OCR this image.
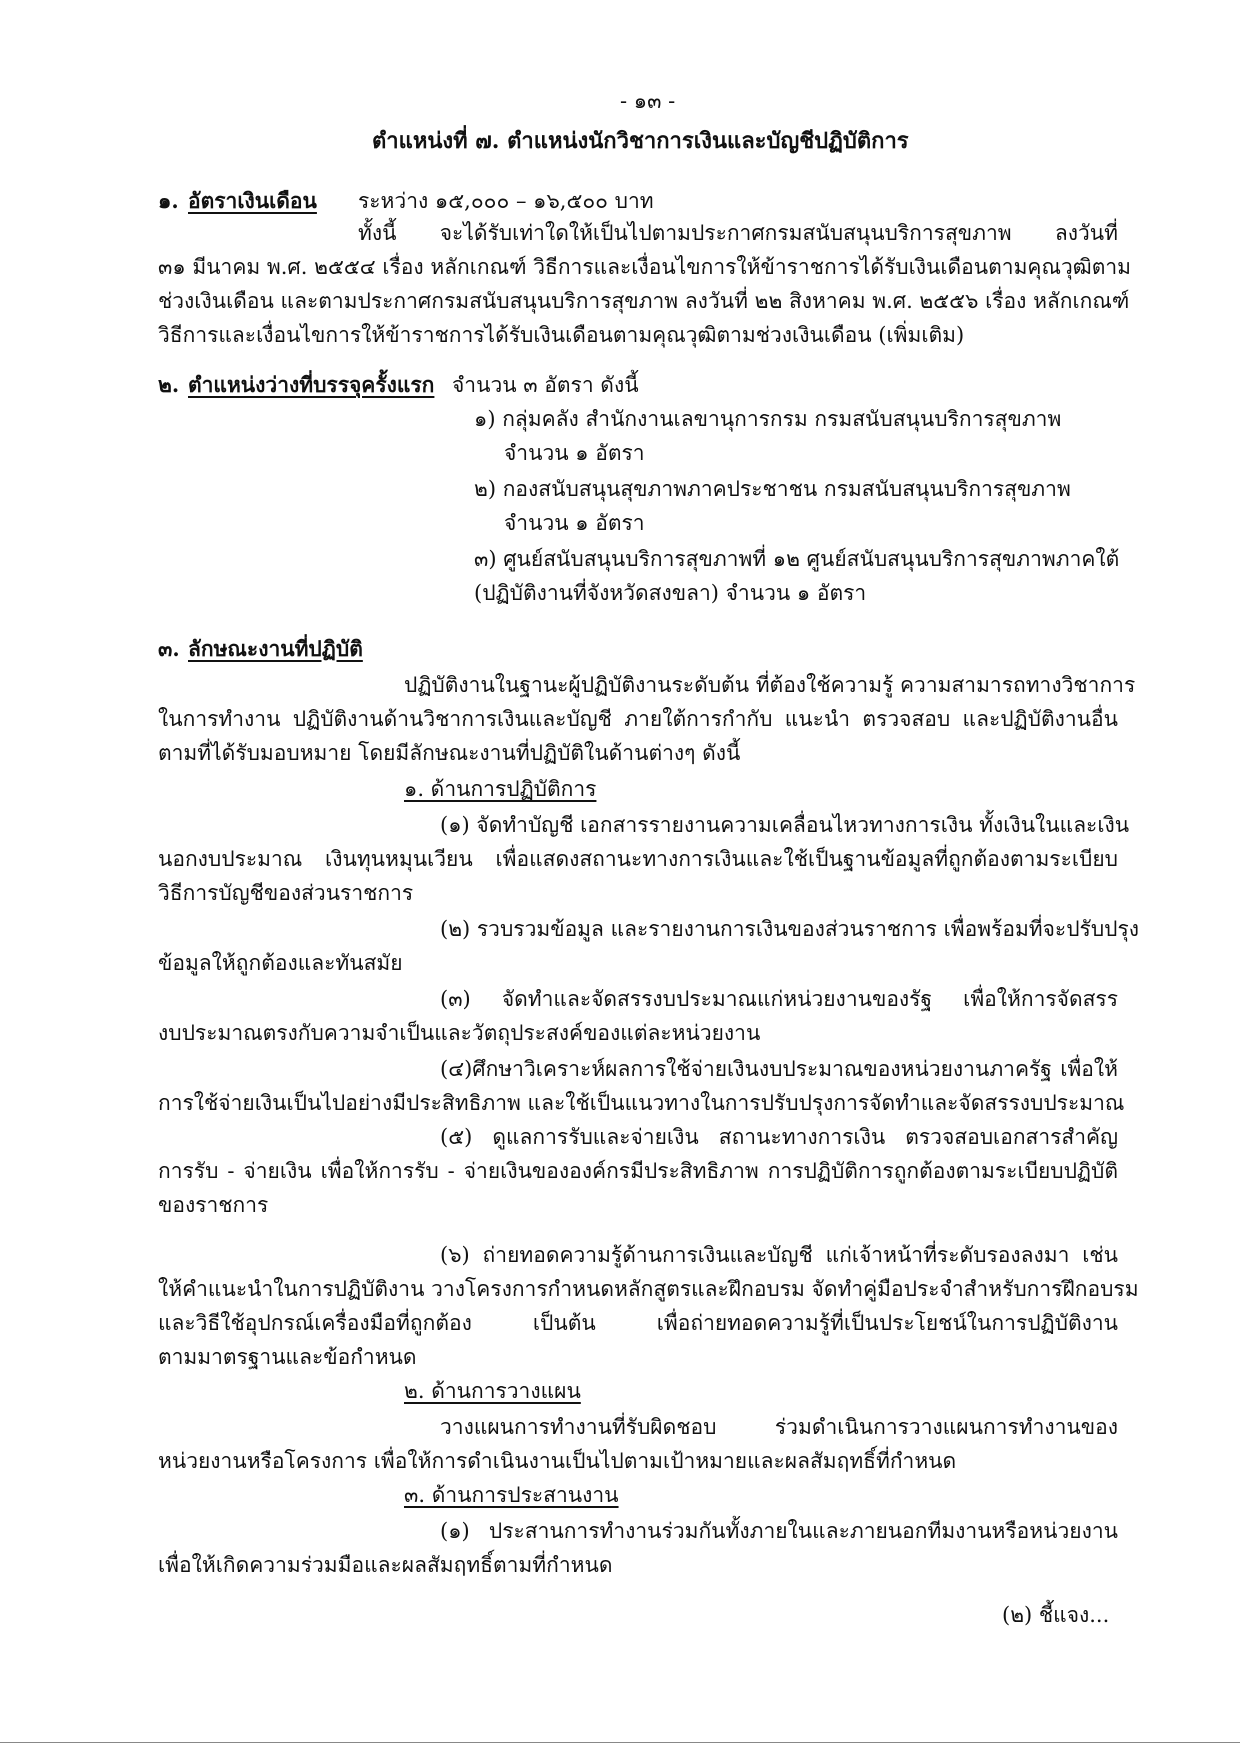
- ๑๓ -
ตำแหน่งที่ ๗. ตำแหน่งนักวิชาการเงินและบัญชีปฏิบัติการ
๑. อัตราเงินเดือน ระหว่าง ๑๕,๐๐๐ – ๑๖,๕๐๐ บาท
ทั้งนี้ จะได้รับเท่าใดให้เป็นไปตามประกาศกรมสนับสนุนบริการสุขภาพ ลงวันที่
๓๑ มีนาคม พ.ศ. ๒๕๕๔ เรื่อง หลักเกณฑ์ วิธีการและเงื่อนไขการให้ข้าราชการได้รับเงินเดือนตามคุณวุฒิตาม
ช่วงเงินเดือน และตามประกาศกรมสนับสนุนบริการสุขภาพ ลงวันที่ ๒๒ สิงหาคม พ.ศ. ๒๕๕๖ เรื่อง หลักเกณฑ์
วิธีการและเงื่อนไขการให้ข้าราชการได้รับเงินเดือนตามคุณวุฒิตามช่วงเงินเดือน (เพิ่มเติม)
๒. ตำแหน่งว่างที่บรรจุครั้งแรก จำนวน ๓ อัตรา ดังนี้
๑) กลุ่มคลัง สำนักงานเลขานุการกรม กรมสนับสนุนบริการสุขภาพ
จำนวน ๑ อัตรา
๒) กองสนับสนุนสุขภาพภาคประชาชน กรมสนับสนุนบริการสุขภาพ
จำนวน ๑ อัตรา
๓) ศูนย์สนับสนุนบริการสุขภาพที่ ๑๒ ศูนย์สนับสนุนบริการสุขภาพภาคใต้
(ปฏิบัติงานที่จังหวัดสงขลา) จำนวน ๑ อัตรา
๓. ลักษณะงานที่ปฏิบัติ
ปฏิบัติงานในฐานะผู้ปฏิบัติงานระดับต้น ที่ต้องใช้ความรู้ ความสามารถทางวิชาการ
ในการทำงาน ปฏิบัติงานด้านวิชาการเงินและบัญชี ภายใต้การกำกับ แนะนำ ตรวจสอบ และปฏิบัติงานอื่น
ตามที่ได้รับมอบหมาย โดยมีลักษณะงานที่ปฏิบัติในด้านต่างๆ ดังนี้
๑. ด้านการปฏิบัติการ
(๑) จัดทำบัญชี เอกสารรายงานความเคลื่อนไหวทางการเงิน ทั้งเงินในและเงิน
นอกงบประมาณ เงินทุนหมุนเวียน เพื่อแสดงสถานะทางการเงินและใช้เป็นฐานข้อมูลที่ถูกต้องตามระเบียบ
วิธีการบัญชีของส่วนราชการ
(๒) รวบรวมข้อมูล และรายงานการเงินของส่วนราชการ เพื่อพร้อมที่จะปรับปรุง
ข้อมูลให้ถูกต้องและทันสมัย
(๓) จัดทำและจัดสรรงบประมาณแก่หน่วยงานของรัฐ เพื่อให้การจัดสรร
งบประมาณตรงกับความจำเป็นและวัตถุประสงค์ของแต่ละหน่วยงาน
(๔)ศึกษาวิเคราะห์ผลการใช้จ่ายเงินงบประมาณของหน่วยงานภาครัฐ เพื่อให้
การใช้จ่ายเงินเป็นไปอย่างมีประสิทธิภาพ และใช้เป็นแนวทางในการปรับปรุงการจัดทำและจัดสรรงบประมาณ
(๕) ดูแลการรับและจ่ายเงิน สถานะทางการเงิน ตรวจสอบเอกสารสำคัญ
การรับ - จ่ายเงิน เพื่อให้การรับ - จ่ายเงินขององค์กรมีประสิทธิภาพ การปฏิบัติการถูกต้องตามระเบียบปฏิบัติ
ของราชการ
(๖) ถ่ายทอดความรู้ด้านการเงินและบัญชี แก่เจ้าหน้าที่ระดับรองลงมา เช่น
ให้คำแนะนำในการปฏิบัติงาน วางโครงการกำหนดหลักสูตรและฝึกอบรม จัดทำคู่มือประจำสำหรับการฝึกอบรม
และวิธีใช้อุปกรณ์เครื่องมือที่ถูกต้อง เป็นต้น เพื่อถ่ายทอดความรู้ที่เป็นประโยชน์ในการปฏิบัติงาน
ตามมาตรฐานและข้อกำหนด
๒. ด้านการวางแผน
วางแผนการทำงานที่รับผิดชอบ ร่วมดำเนินการวางแผนการทำงานของ
หน่วยงานหรือโครงการ เพื่อให้การดำเนินงานเป็นไปตามเป้าหมายและผลสัมฤทธิ์ที่กำหนด
๓. ด้านการประสานงาน
(๑) ประสานการทำงานร่วมกันทั้งภายในและภายนอกทีมงานหรือหน่วยงาน
เพื่อให้เกิดความร่วมมือและผลสัมฤทธิ์ตามที่กำหนด
(๒) ชี้แจง...
